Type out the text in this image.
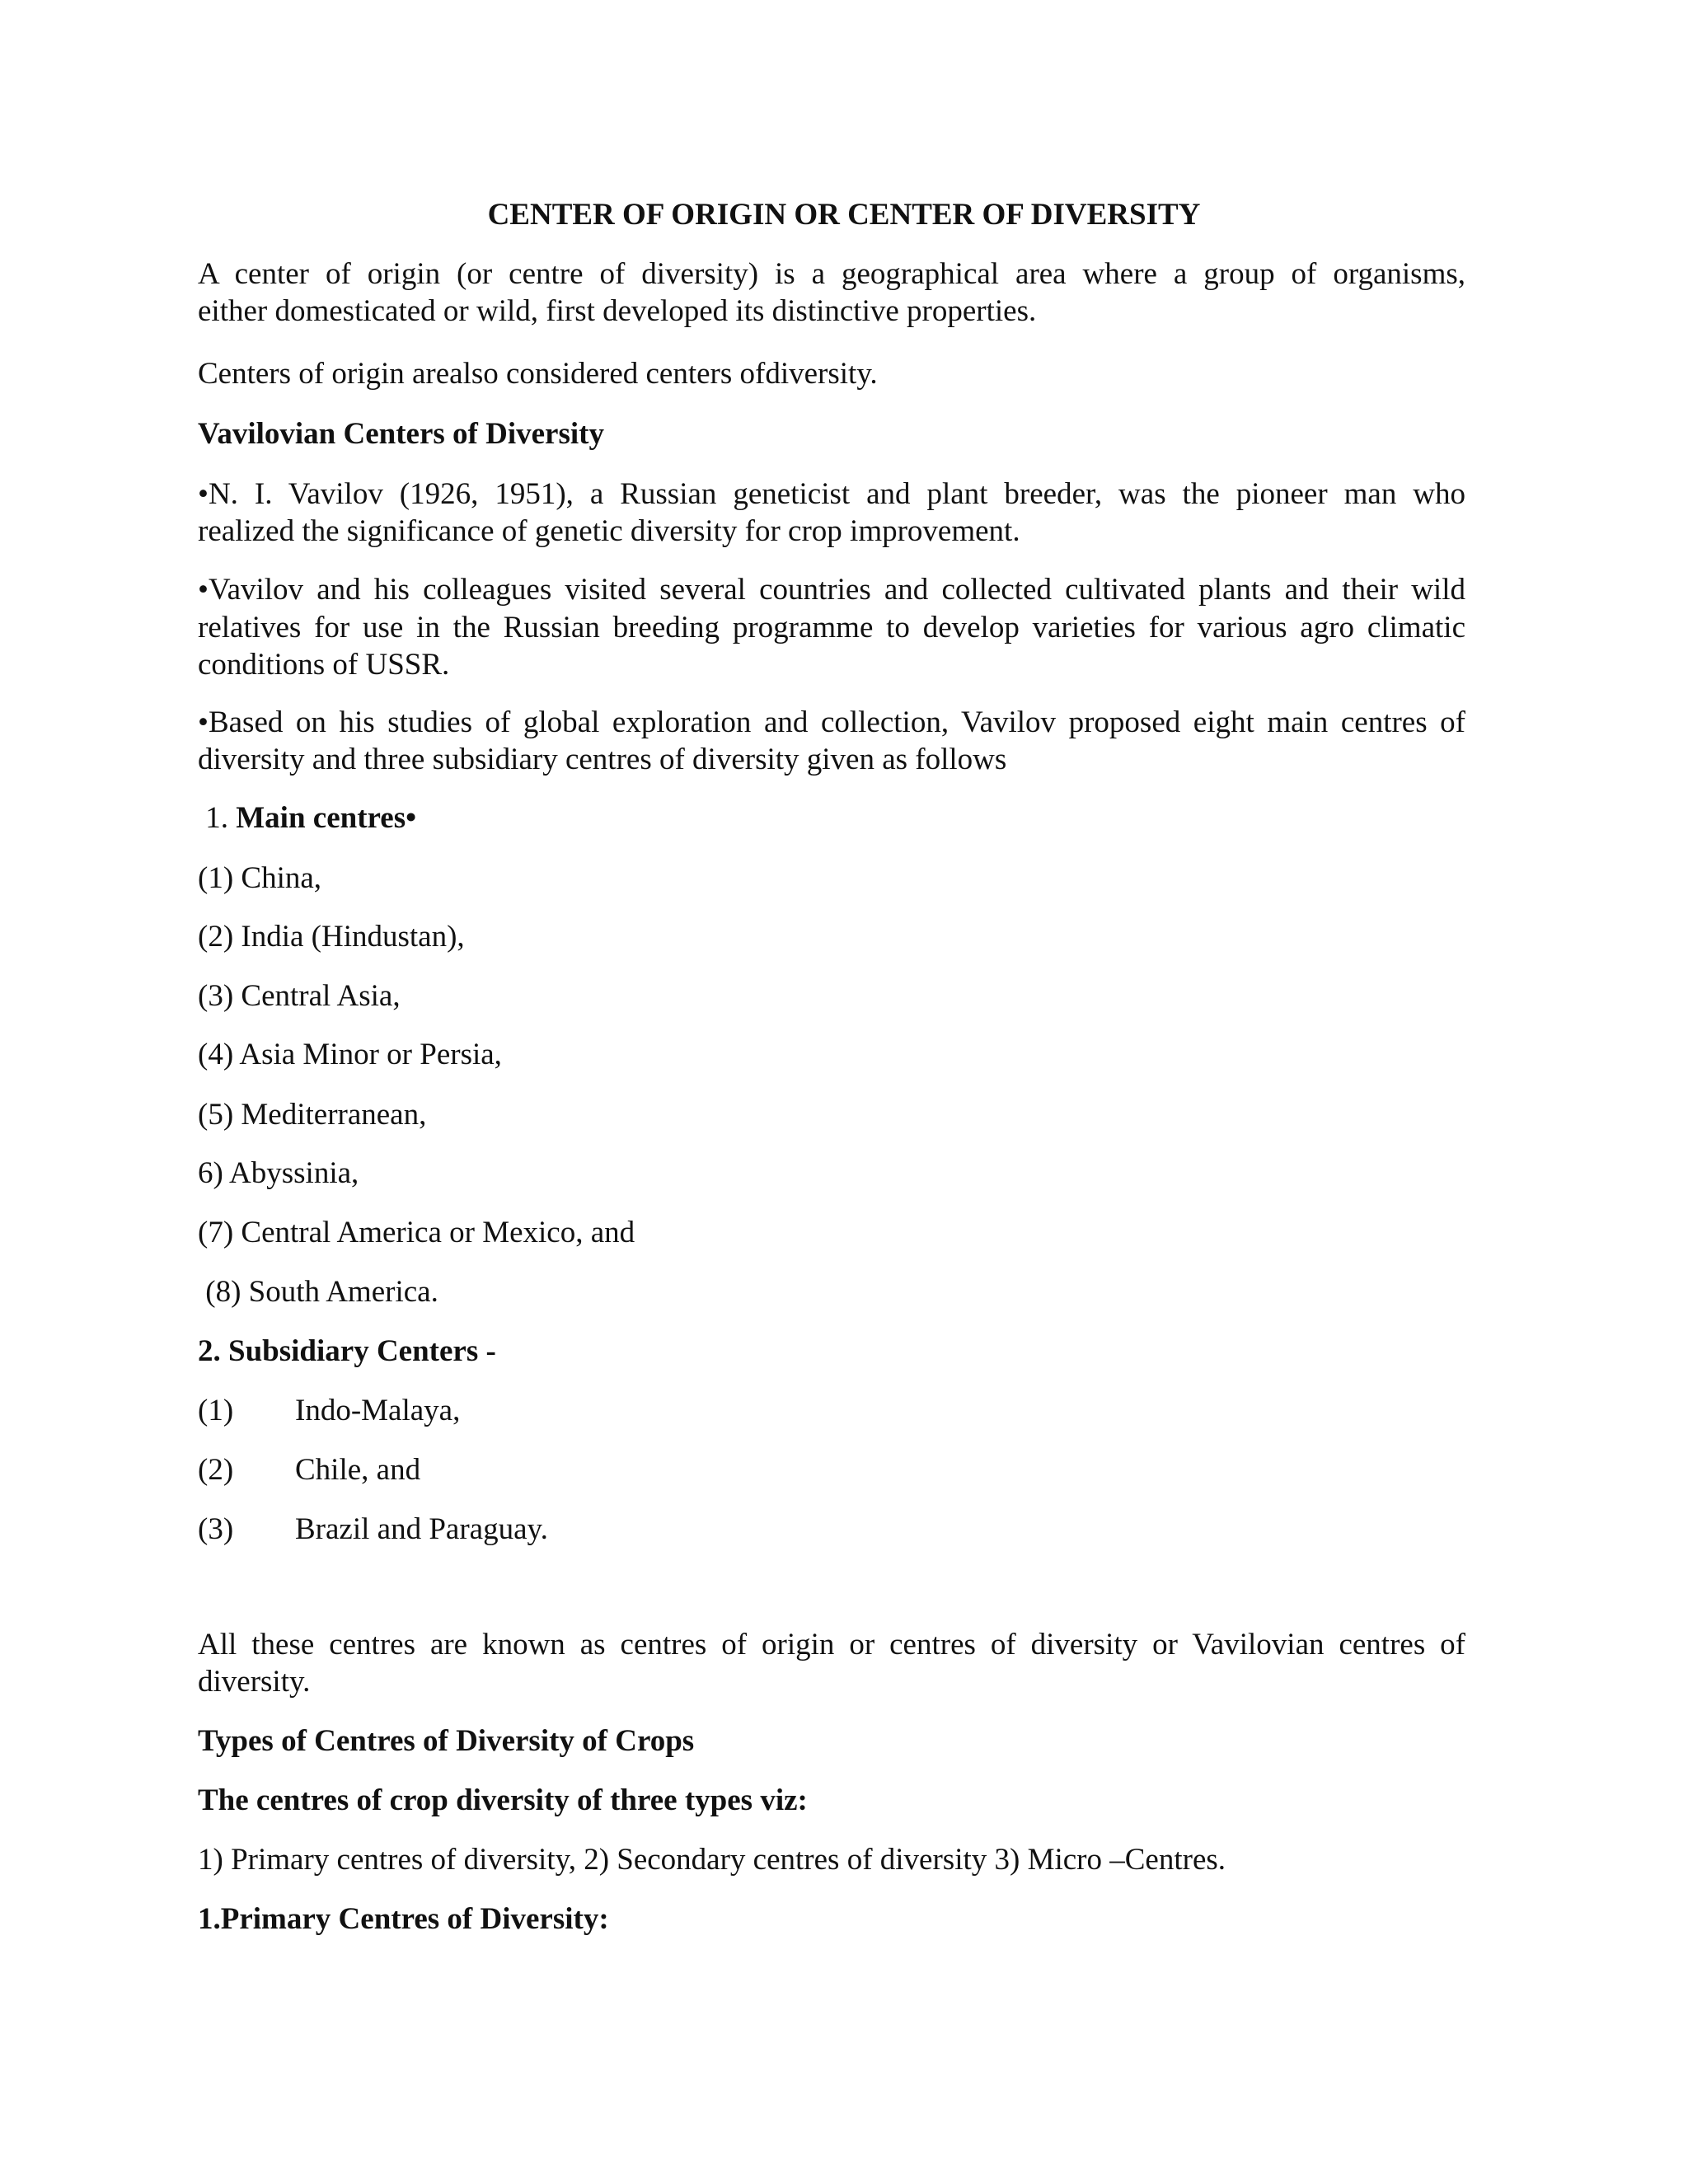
CENTER OF ORIGIN OR CENTER OF DIVERSITY
A center of origin (or centre of diversity) is a geographical area where a group of organisms,
either domesticated or wild, first developed its distinctive properties.
Centers of origin arealso considered centers ofdiversity.
Vavilovian Centers of Diversity
•N. I. Vavilov (1926, 1951), a Russian geneticist and plant breeder, was the pioneer man who
realized the significance of genetic diversity for crop improvement.
•Vavilov and his colleagues visited several countries and collected cultivated plants and their wild
relatives for use in the Russian breeding programme to develop varieties for various agro climatic
conditions of USSR.
•Based on his studies of global exploration and collection, Vavilov proposed eight main centres of
diversity and three subsidiary centres of diversity given as follows
1. Main centres•
(1) China,
(2) India (Hindustan),
(3) Central Asia,
(4) Asia Minor or Persia,
(5) Mediterranean,
6) Abyssinia,
(7) Central America or Mexico, and
(8) South America.
2. Subsidiary Centers -
(1) Indo-Malaya,
(2) Chile, and
(3) Brazil and Paraguay.
All these centres are known as centres of origin or centres of diversity or Vavilovian centres of
diversity.
Types of Centres of Diversity of Crops
The centres of crop diversity of three types viz:
1) Primary centres of diversity, 2) Secondary centres of diversity 3) Micro –Centres.
1.Primary Centres of Diversity:
